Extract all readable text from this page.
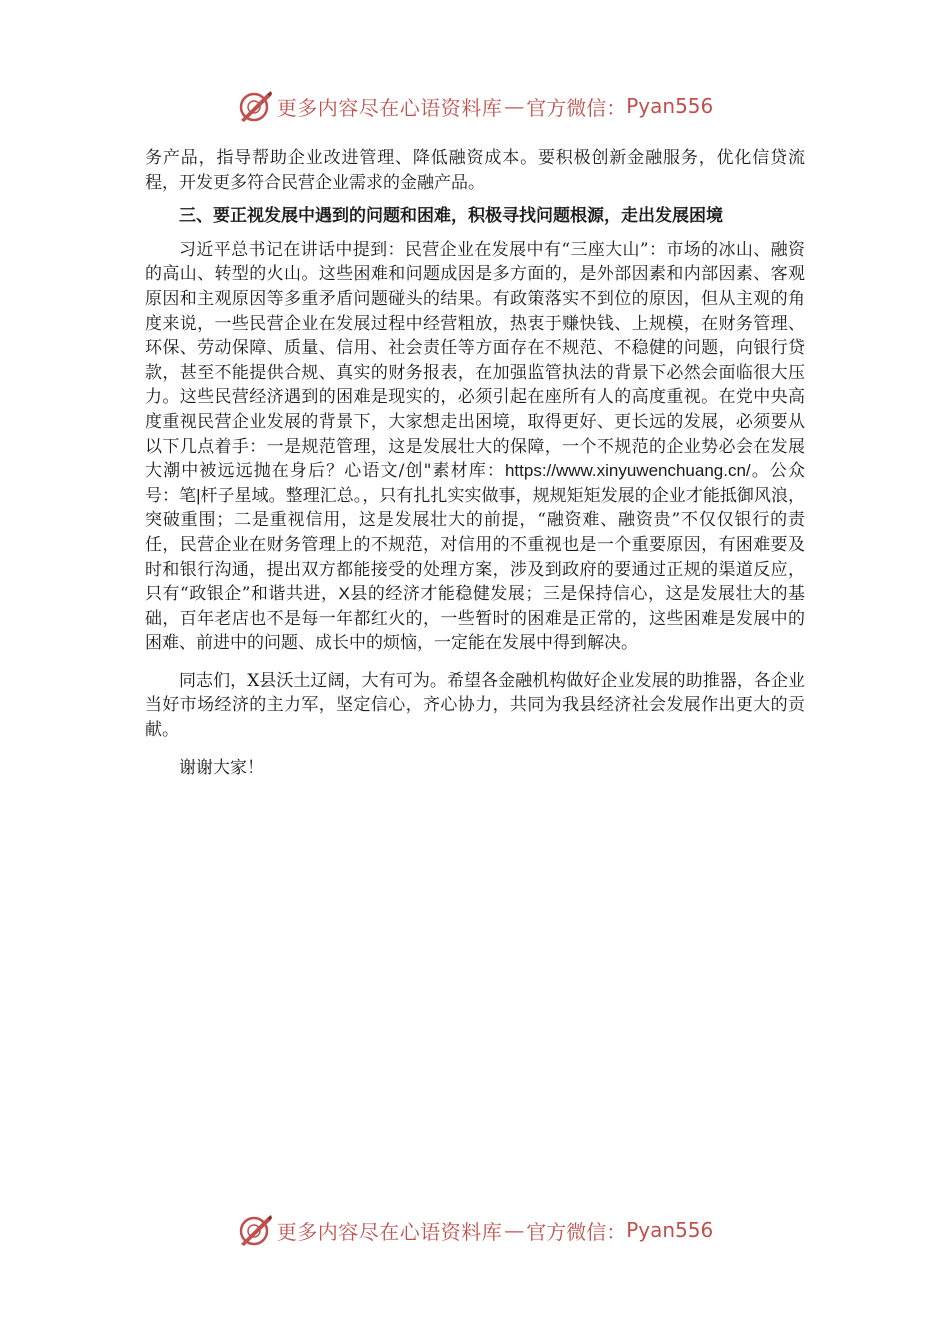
更多内容尽在心语资料库 — 官方微信： Pyan556

务产品，指导帮助企业改进管理、降低融资成本。要积极创新金融服务，优化信贷流程，开发更多符合民营企业需求的金融产品。

三、要正视发展中遇到的问题和困难，积极寻找问题根源，走出发展困境

习近平总书记在讲话中提到：民营企业在发展中有“三座大山”：市场的冰山、融资的高山、转型的火山。这些困难和问题成因是多方面的，是外部因素和内部因素、客观原因和主观原因等多重矛盾问题碰头的结果。有政策落实不到位的原因，但从主观的角度来说，一些民营企业在发展过程中经营粗放，热衷于赚快钱、上规模，在财务管理、环保、劳动保障、质量、信用、社会责任等方面存在不规范、不稳健的问题，向银行贷款，甚至不能提供合规、真实的财务报表，在加强监管执法的背景下必然会面临很大压力。这些民营经济遇到的困难是现实的，必须引起在座所有人的高度重视。在党中央高度重视民营企业发展的背景下，大家想走出困境，取得更好、更长远的发展，必须要从以下几点着手：一是规范管理，这是发展壮大的保障，一个不规范的企业势必会在发展大潮中被远远抛在身后？心语文/创"素材库：https://www.xinyuwenchuang.cn/。公众号：笔|杆子星域。整理汇总。，只有扎扎实实做事，规规矩矩发展的企业才能抵御风浪，突破重围；二是重视信用，这是发展壮大的前提，“融资难、融资贵”不仅仅银行的责任，民营企业在财务管理上的不规范，对信用的不重视也是一个重要原因，有困难要及时和银行沟通，提出双方都能接受的处理方案，涉及到政府的要通过正规的渠道反应，只有“政银企”和谐共进，X县的经济才能稳健发展；三是保持信心，这是发展壮大的基础，百年老店也不是每一年都红火的，一些暂时的困难是正常的，这些困难是发展中的困难、前进中的问题、成长中的烦恼，一定能在发展中得到解决。

同志们，X县沃土辽阔，大有可为。希望各金融机构做好企业发展的助推器，各企业当好市场经济的主力军，坚定信心，齐心协力，共同为我县经济社会发展作出更大的贡献。

谢谢大家！

更多内容尽在心语资料库 — 官方微信： Pyan556
